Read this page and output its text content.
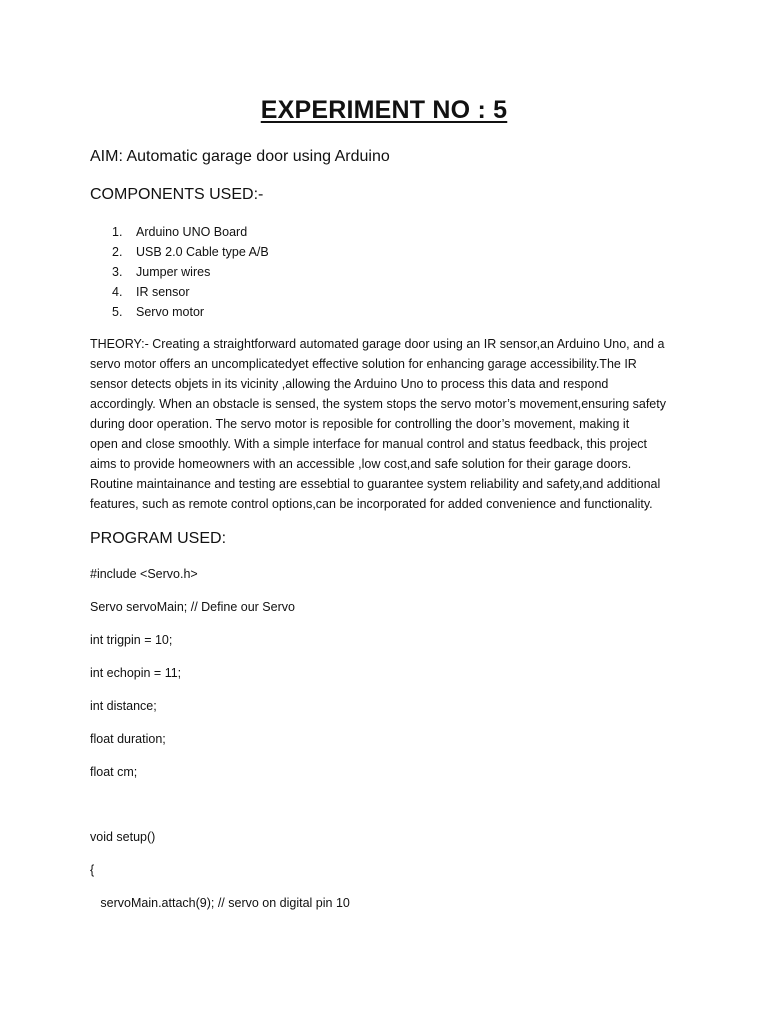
EXPERIMENT NO : 5

AIM: Automatic garage door using Arduino

COMPONENTS USED:-

1. Arduino UNO Board
2. USB 2.0 Cable type A/B
3. Jumper wires
4. IR sensor
5. Servo motor
THEORY:- Creating a straightforward automated garage door using an IR sensor,an Arduino Uno, and a
servo motor offers an uncomplicatedyet effective solution for enhancing garage accessibility.The IR
sensor detects objets in its vicinity ,allowing the Arduino Uno to process this data and respond
accordingly. When an obstacle is sensed, the system stops the servo motor’s movement,ensuring safety
during door operation. The servo motor is reposible for controlling the door’s movement, making it
open and close smoothly. With a simple interface for manual control and status feedback, this project
aims to provide homeowners with an accessible ,low cost,and safe solution for their garage doors.
Routine maintainance and testing are essebtial to guarantee system reliability and safety,and additional
features, such as remote control options,can be incorporated for added convenience and functionality.

PROGRAM USED:

#include <Servo.h>

Servo servoMain; // Define our Servo

int trigpin = 10;

int echopin = 11;

int distance;

float duration;

float cm;

void setup()

{

servoMain.attach(9); // servo on digital pin 10
